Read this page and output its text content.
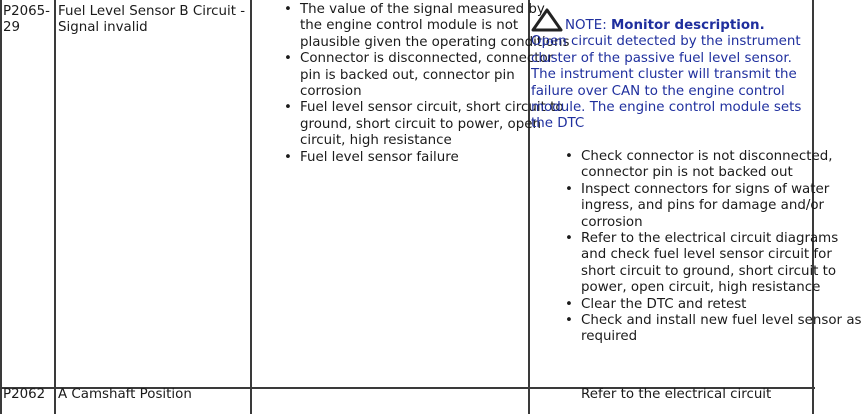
P2065-
29
Fuel Level Sensor B Circuit - Signal invalid
• The value of the signal measured by the engine control module is not plausible given the operating conditions
• Connector is disconnected, connector pin is backed out, connector pin corrosion
• Fuel level sensor circuit, short circuit to ground, short circuit to power, open circuit, high resistance
• Fuel level sensor failure
NOTE: Monitor description.
Open circuit detected by the instrument cluster of the passive fuel level sensor. The instrument cluster will transmit the failure over CAN to the engine control module. The engine control module sets the DTC
• Check connector is not disconnected, connector pin is not backed out
• Inspect connectors for signs of water ingress, and pins for damage and/or corrosion
• Refer to the electrical circuit diagrams and check fuel level sensor circuit for short circuit to ground, short circuit to power, open circuit, high resistance
• Clear the DTC and retest
• Check and install new fuel level sensor as required
P2062 A Camshaft Position	Refer to the electrical circuit
